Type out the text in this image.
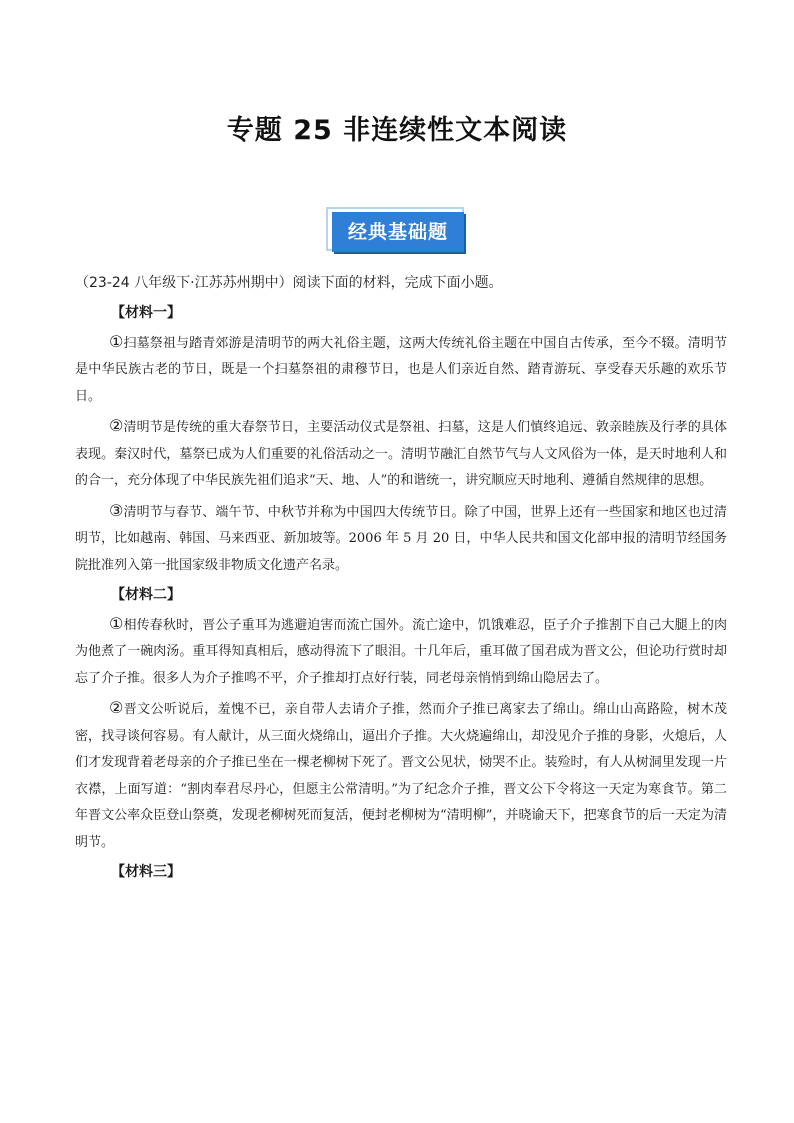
专题 25 非连续性文本阅读
经典基础题
（23-24 八年级下·江苏苏州期中）阅读下面的材料，完成下面小题。
【材料一】

①扫墓祭祖与踏青郊游是清明节的两大礼俗主题，这两大传统礼俗主题在中国自古传承，至今不辍。清明节是中华民族古老的节日，既是一个扫墓祭祖的肃穆节日，也是人们亲近自然、踏青游玩、享受春天乐趣的欢乐节日。

②清明节是传统的重大春祭节日，主要活动仪式是祭祖、扫墓，这是人们慎终追远、敦亲睦族及行孝的具体表现。秦汉时代，墓祭已成为人们重要的礼俗活动之一。清明节融汇自然节气与人文风俗为一体，是天时地利人和的合一，充分体现了中华民族先祖们追求“天、地、人”的和谐统一，讲究顺应天时地利、遵循自然规律的思想。

③清明节与春节、端午节、中秋节并称为中国四大传统节日。除了中国，世界上还有一些国家和地区也过清明节，比如越南、韩国、马来西亚、新加坡等。2006 年 5 月 20 日，中华人民共和国文化部申报的清明节经国务院批准列入第一批国家级非物质文化遗产名录。

【材料二】

①相传春秋时，晋公子重耳为逃避迫害而流亡国外。流亡途中，饥饿难忍，臣子介子推割下自己大腿上的肉为他煮了一碗肉汤。重耳得知真相后，感动得流下了眼泪。十几年后，重耳做了国君成为晋文公，但论功行赏时却忘了介子推。很多人为介子推鸣不平，介子推却打点好行装，同老母亲悄悄到绵山隐居去了。

②晋文公听说后，羞愧不已，亲自带人去请介子推，然而介子推已离家去了绵山。绵山山高路险，树木茂密，找寻谈何容易。有人献计，从三面火烧绵山，逼出介子推。大火烧遍绵山，却没见介子推的身影，火熄后，人们才发现背着老母亲的介子推已坐在一棵老柳树下死了。晋文公见状，恸哭不止。装殓时，有人从树洞里发现一片衣襟，上面写道：“割肉奉君尽丹心，但愿主公常清明。”为了纪念介子推，晋文公下令将这一天定为寒食节。第二年晋文公率众臣登山祭奠，发现老柳树死而复活，便封老柳树为“清明柳”，并晓谕天下，把寒食节的后一天定为清明节。

【材料三】
